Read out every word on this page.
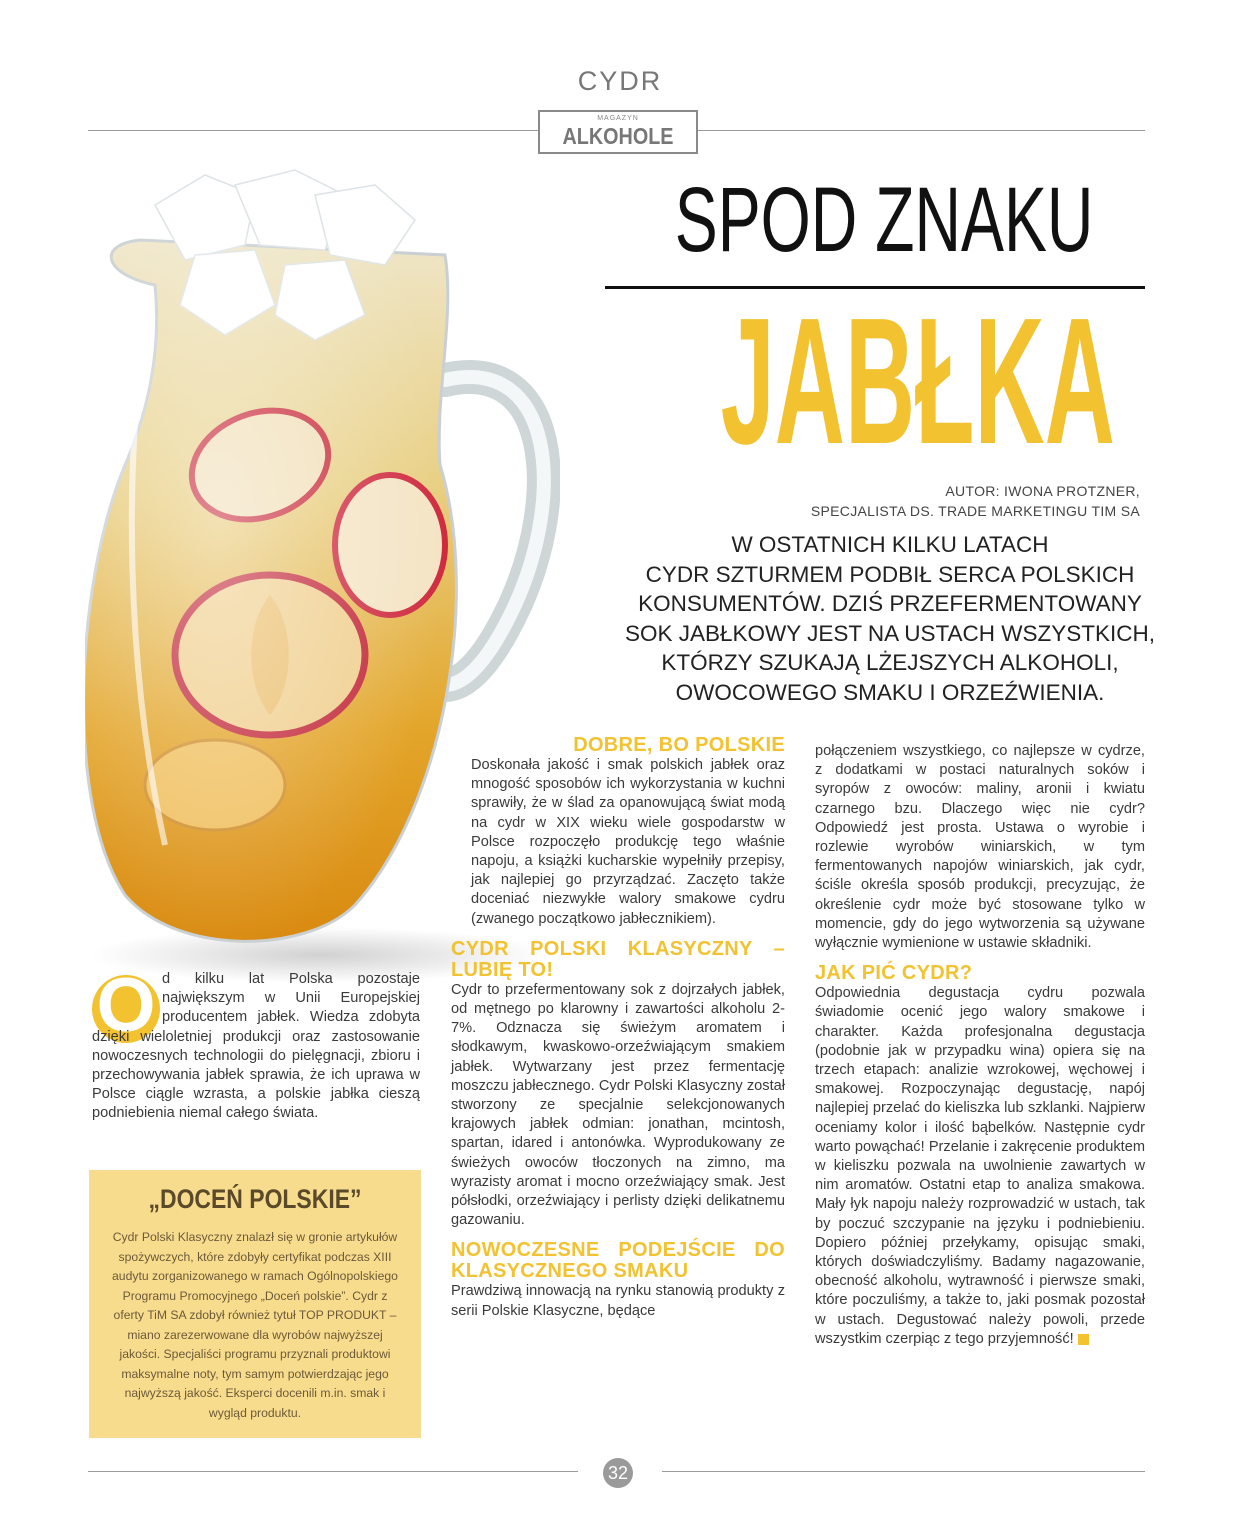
CYDR
MAGAZYN
ALKOHOLE
SPOD ZNAKU
JABŁKA
AUTOR: IWONA PROTZNER,
SPECJALISTA DS. TRADE MARKETINGU TIM SA
W OSTATNICH KILKU LATACH
CYDR SZTURMEM PODBIŁ SERCA POLSKICH
KONSUMENTÓW. DZIŚ PRZEFERMENTOWANY
SOK JABŁKOWY JEST NA USTACH WSZYSTKICH,
KTÓRZY SZUKAJĄ LŻEJSZYCH ALKOHOLI,
OWOCOWEGO SMAKU I ORZEŹWIENIA.
O d kilku lat Polska pozostaje największym w Unii Europejskiej producentem jabłek. Wiedza zdobyta dzięki wieloletniej produkcji oraz zastosowanie nowoczesnych technologii do pielęgnacji, zbioru i przechowywania jabłek sprawia, że ich uprawa w Polsce ciągle wzrasta, a polskie jabłka cieszą podniebienia niemal całego świata.
„DOCEŃ POLSKIE”
Cydr Polski Klasyczny znalazł się w gronie artykułów spożywczych, które zdobyły certyfikat podczas XIII audytu zorganizowanego w ramach Ogólnopolskiego Programu Promocyjnego „Doceń polskie”. Cydr z oferty TiM SA zdobył również tytuł TOP PRODUKT – miano zarezerwowane dla wyrobów najwyższej jakości. Specjaliści programu przyznali produktowi maksymalne noty, tym samym potwierdzając jego najwyższą jakość. Eksperci docenili m.in. smak i wygląd produktu.
DOBRE, BO POLSKIE
Doskonała jakość i smak polskich jabłek oraz mnogość sposobów ich wykorzystania w kuchni sprawiły, że w ślad za opanowującą świat modą na cydr w XIX wieku wiele gospodarstw w Polsce rozpoczęło produkcję tego właśnie napoju, a książki kucharskie wypełniły przepisy, jak najlepiej go przyrządzać. Zaczęto także doceniać niezwykłe walory smakowe cydru (zwanego początkowo jabłecznikiem).
CYDR POLSKI KLASYCZNY – LUBIĘ TO!
Cydr to przefermentowany sok z dojrzałych jabłek, od mętnego po klarowny i zawartości alkoholu 2-7%. Odznacza się świeżym aromatem i słodkawym, kwaskowo-orzeźwiającym smakiem jabłek. Wytwarzany jest przez fermentację moszczu jabłecznego. Cydr Polski Klasyczny został stworzony ze specjalnie selekcjonowanych krajowych jabłek odmian: jonathan, mcintosh, spartan, idared i antonówka. Wyprodukowany ze świeżych owoców tłoczonych na zimno, ma wyrazisty aromat i mocno orzeźwiający smak. Jest półsłodki, orzeźwiający i perlisty dzięki delikatnemu gazowaniu.
NOWOCZESNE PODEJŚCIE DO KLASYCZNEGO SMAKU
Prawdziwą innowacją na rynku stanowią produkty z serii Polskie Klasyczne, będące
połączeniem wszystkiego, co najlepsze w cydrze, z dodatkami w postaci naturalnych soków i syropów z owoców: maliny, aronii i kwiatu czarnego bzu. Dlaczego więc nie cydr? Odpowiedź jest prosta. Ustawa o wyrobie i rozlewie wyrobów winiarskich, w tym fermentowanych napojów winiarskich, jak cydr, ściśle określa sposób produkcji, precyzując, że określenie cydr może być stosowane tylko w momencie, gdy do jego wytworzenia są używane wyłącznie wymienione w ustawie składniki.
JAK PIĆ CYDR?
Odpowiednia degustacja cydru pozwala świadomie ocenić jego walory smakowe i charakter. Każda profesjonalna degustacja (podobnie jak w przypadku wina) opiera się na trzech etapach: analizie wzrokowej, węchowej i smakowej. Rozpoczynając degustację, napój najlepiej przelać do kieliszka lub szklanki. Najpierw oceniamy kolor i ilość bąbelków. Następnie cydr warto powąchać! Przelanie i zakręcenie produktem w kieliszku pozwala na uwolnienie zawartych w nim aromatów. Ostatni etap to analiza smakowa. Mały łyk napoju należy rozprowadzić w ustach, tak by poczuć szczypanie na języku i podniebieniu. Dopiero później przełykamy, opisując smaki, których doświadczyliśmy. Badamy nagazowanie, obecność alkoholu, wytrawność i pierwsze smaki, które poczuliśmy, a także to, jaki posmak pozostał w ustach. Degustować należy powoli, przede wszystkim czerpiąc z tego przyjemność!
32
